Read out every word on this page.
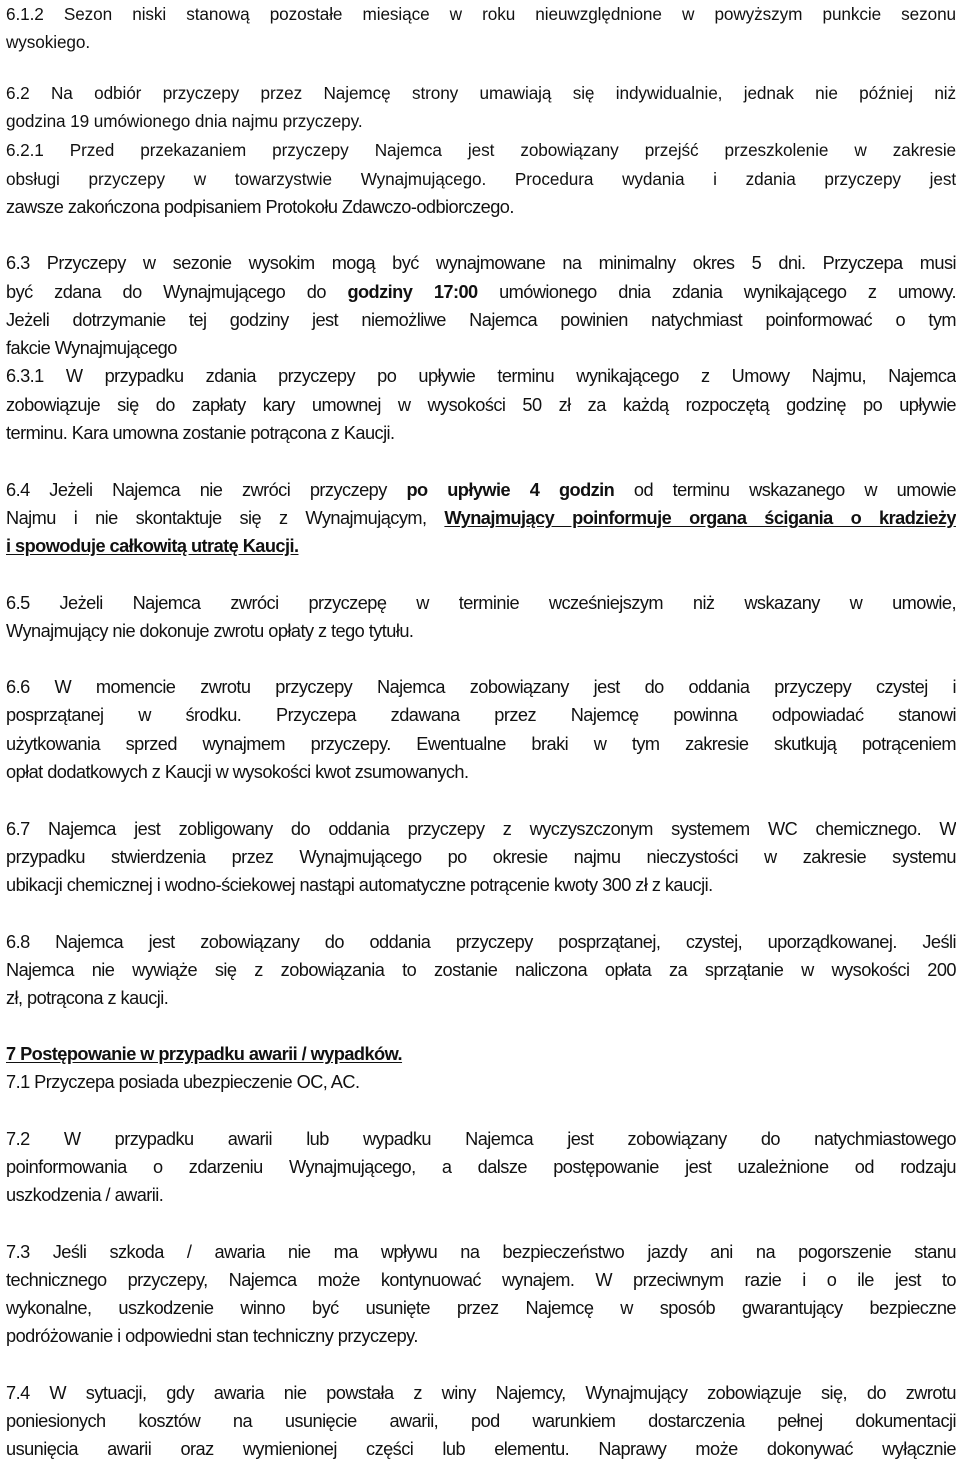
6.1.2 Sezon niski stanową pozostałe miesiące w roku nieuwzględnione w powyższym punkcie sezonu
wysokiego.
6.2 Na odbiór przyczepy przez Najemcę strony umawiają się indywidualnie, jednak nie później niż
godzina 19 umówionego dnia najmu przyczepy.
6.2.1 Przed przekazaniem przyczepy Najemca jest zobowiązany przejść przeszkolenie w zakresie
obsługi przyczepy w towarzystwie Wynajmującego. Procedura wydania i zdania przyczepy jest
zawsze zakończona podpisaniem Protokołu Zdawczo-odbiorczego.
6.3 Przyczepy w sezonie wysokim mogą być wynajmowane na minimalny okres 5 dni. Przyczepa musi
być zdana do Wynajmującego do godziny 17:00 umówionego dnia zdania wynikającego z umowy.
Jeżeli dotrzymanie tej godziny jest niemożliwe Najemca powinien natychmiast poinformować o tym
fakcie Wynajmującego
6.3.1 W przypadku zdania przyczepy po upływie terminu wynikającego z Umowy Najmu, Najemca
zobowiązuje się do zapłaty kary umownej w wysokości 50 zł za każdą rozpoczętą godzinę po upływie
terminu. Kara umowna zostanie potrącona z Kaucji.
6.4 Jeżeli Najemca nie zwróci przyczepy po upływie 4 godzin od terminu wskazanego w umowie
Najmu i nie skontaktuje się z Wynajmującym, Wynajmujący poinformuje organa ścigania o kradzieży
i spowoduje całkowitą utratę Kaucji.
6.5 Jeżeli Najemca zwróci przyczepę w terminie wcześniejszym niż wskazany w umowie,
Wynajmujący nie dokonuje zwrotu opłaty z tego tytułu.
6.6 W momencie zwrotu przyczepy Najemca zobowiązany jest do oddania przyczepy czystej i
posprzątanej w środku. Przyczepa zdawana przez Najemcę powinna odpowiadać stanowi
użytkowania sprzed wynajmem przyczepy. Ewentualne braki w tym zakresie skutkują potrąceniem
opłat dodatkowych z Kaucji w wysokości kwot zsumowanych.
6.7 Najemca jest zobligowany do oddania przyczepy z wyczyszczonym systemem WC chemicznego. W
przypadku stwierdzenia przez Wynajmującego po okresie najmu nieczystości w zakresie systemu
ubikacji chemicznej i wodno-ściekowej nastąpi automatyczne potrącenie kwoty 300 zł z kaucji.
6.8 Najemca jest zobowiązany do oddania przyczepy posprzątanej, czystej, uporządkowanej. Jeśli
Najemca nie wywiąże się z zobowiązania to zostanie naliczona opłata za sprzątanie w wysokości 200
zł, potrącona z kaucji.
7 Postępowanie w przypadku awarii / wypadków.
7.1 Przyczepa posiada ubezpieczenie OC, AC.
7.2 W przypadku awarii lub wypadku Najemca jest zobowiązany do natychmiastowego
poinformowania o zdarzeniu Wynajmującego, a dalsze postępowanie jest uzależnione od rodzaju
uszkodzenia / awarii.
7.3 Jeśli szkoda / awaria nie ma wpływu na bezpieczeństwo jazdy ani na pogorszenie stanu
technicznego przyczepy, Najemca może kontynuować wynajem. W przeciwnym razie i o ile jest to
wykonalne, uszkodzenie winno być usunięte przez Najemcę w sposób gwarantujący bezpieczne
podróżowanie i odpowiedni stan techniczny przyczepy.
7.4 W sytuacji, gdy awaria nie powstała z winy Najemcy, Wynajmujący zobowiązuje się, do zwrotu
poniesionych kosztów na usunięcie awarii, pod warunkiem dostarczenia pełnej dokumentacji
usunięcia awarii oraz wymienionej części lub elementu. Naprawy może dokonywać wyłącznie
